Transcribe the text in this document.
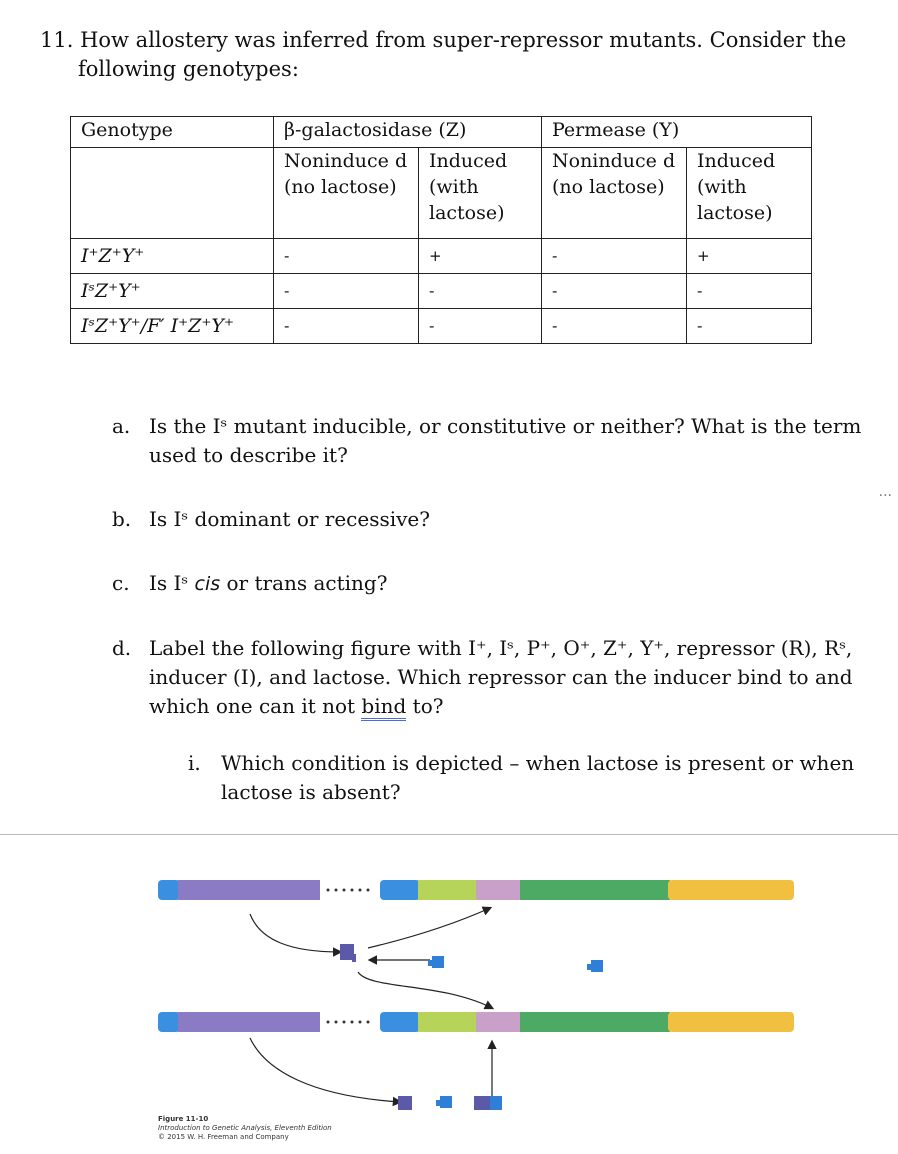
11. How allostery was inferred from super-repressor mutants. Consider the
following genotypes:
Genotype	β-galactosidase (Z)		Permease (Y)	
	Noninduce d (no lactose)	Induced (with lactose)	Noninduce d (no lactose)	Induced (with lactose)
I⁺Z⁺Y⁺	-	+	-	+
IˢZ⁺Y⁺	-	-	-	-
IˢZ⁺Y⁺/F′ I⁺Z⁺Y⁺	-	-	-	-
a. Is the Iˢ mutant inducible, or constitutive or neither? What is the term
used to describe it?
b. Is Iˢ dominant or recessive?
c. Is Iˢ cis or trans acting?
d. Label the following figure with I⁺, Iˢ, P⁺, O⁺, Z⁺, Y⁺, repressor (R), Rˢ,
inducer (I), and lactose. Which repressor can the inducer bind to and
which one can it not bind to?
i. Which condition is depicted – when lactose is present or when
lactose is absent?
···
Figure 11-10
Introduction to Genetic Analysis, Eleventh Edition
© 2015 W. H. Freeman and Company
